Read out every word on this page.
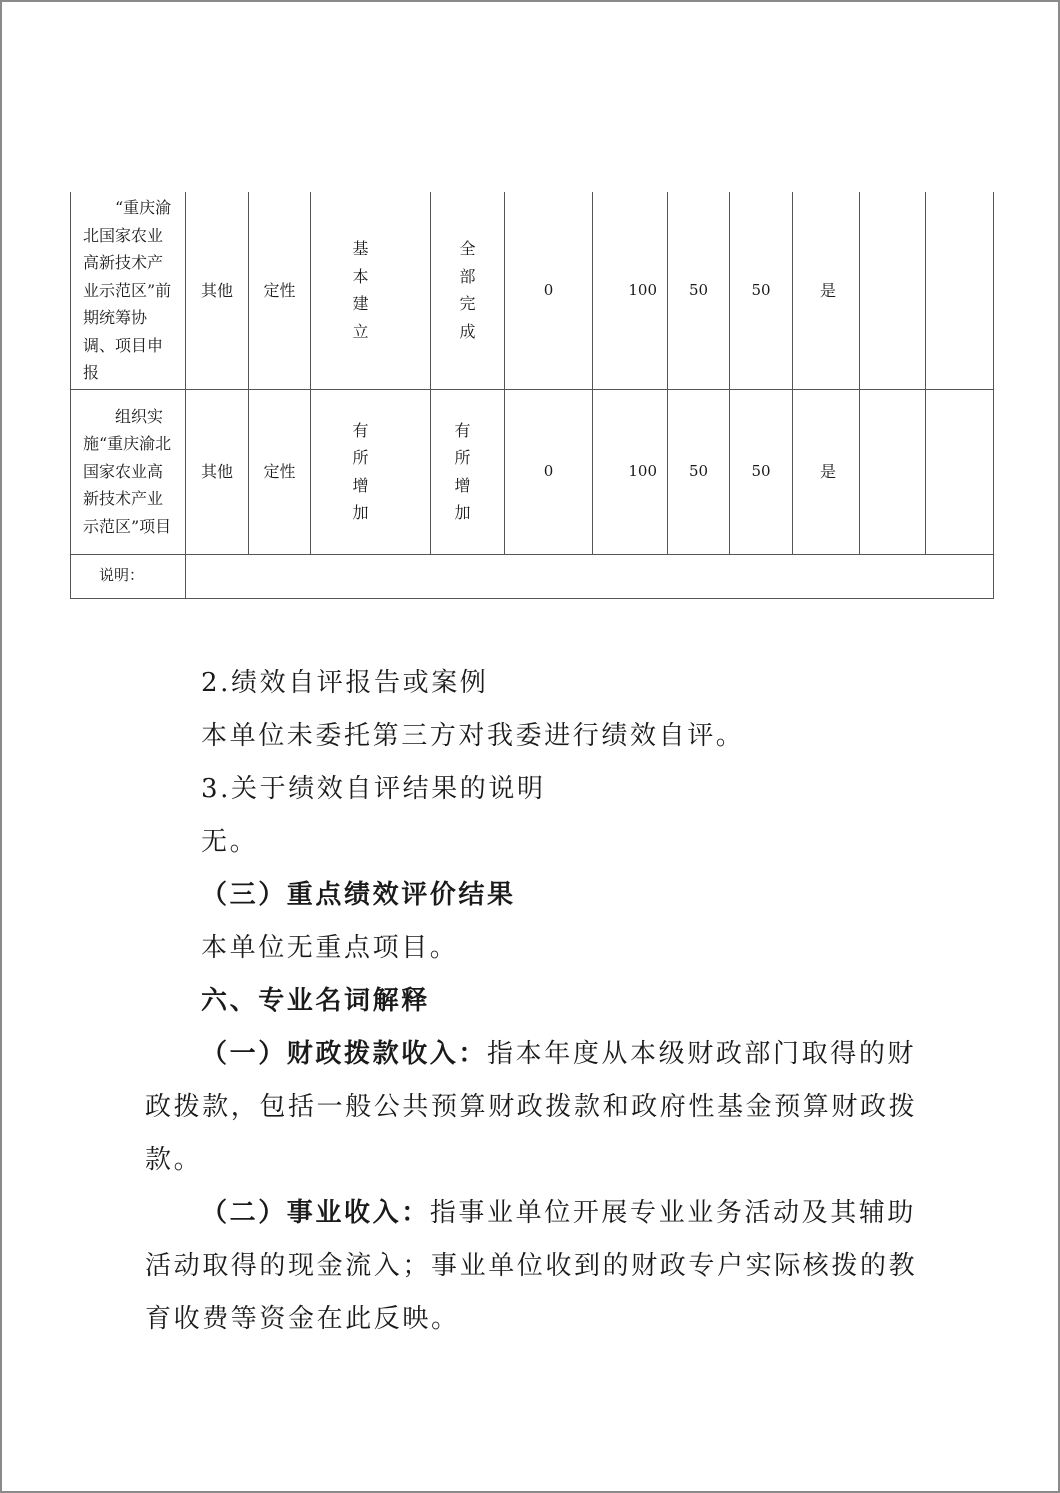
“重庆渝北国家农业高新技术产业示范区”前期统筹协调、项目申报	其他	定性	基本建立	全部完成	0	100	50	50	是		
组织实施“重庆渝北国家农业高新技术产业示范区”项目	其他	定性	有所增加	有所增加	0	100	50	50	是		
说明：											

2.绩效自评报告或案例

本单位未委托第三方对我委进行绩效自评。

3.关于绩效自评结果的说明

无。

（三）重点绩效评价结果

本单位无重点项目。

六、专业名词解释

（一）财政拨款收入：指本年度从本级财政部门取得的财政拨款，包括一般公共预算财政拨款和政府性基金预算财政拨款。

（二）事业收入：指事业单位开展专业业务活动及其辅助活动取得的现金流入；事业单位收到的财政专户实际核拨的教育收费等资金在此反映。
